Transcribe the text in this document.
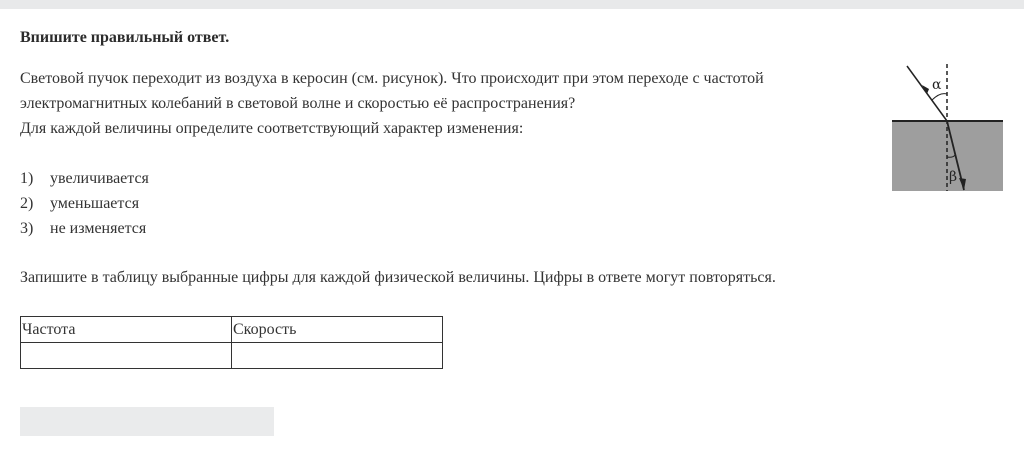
Впишите правильный ответ.

Световой пучок переходит из воздуха в керосин (см. рисунок). Что происходит при этом переходе с частотой

электромагнитных колебаний в световой волне и скоростью её распространения?

Для каждой величины определите соответствующий характер изменения:

1) увеличивается
2) уменьшается
3) не изменяется
Запишите в таблицу выбранные цифры для каждой физической величины. Цифры в ответе могут повторяться.
Частота	Скорость

α
β
